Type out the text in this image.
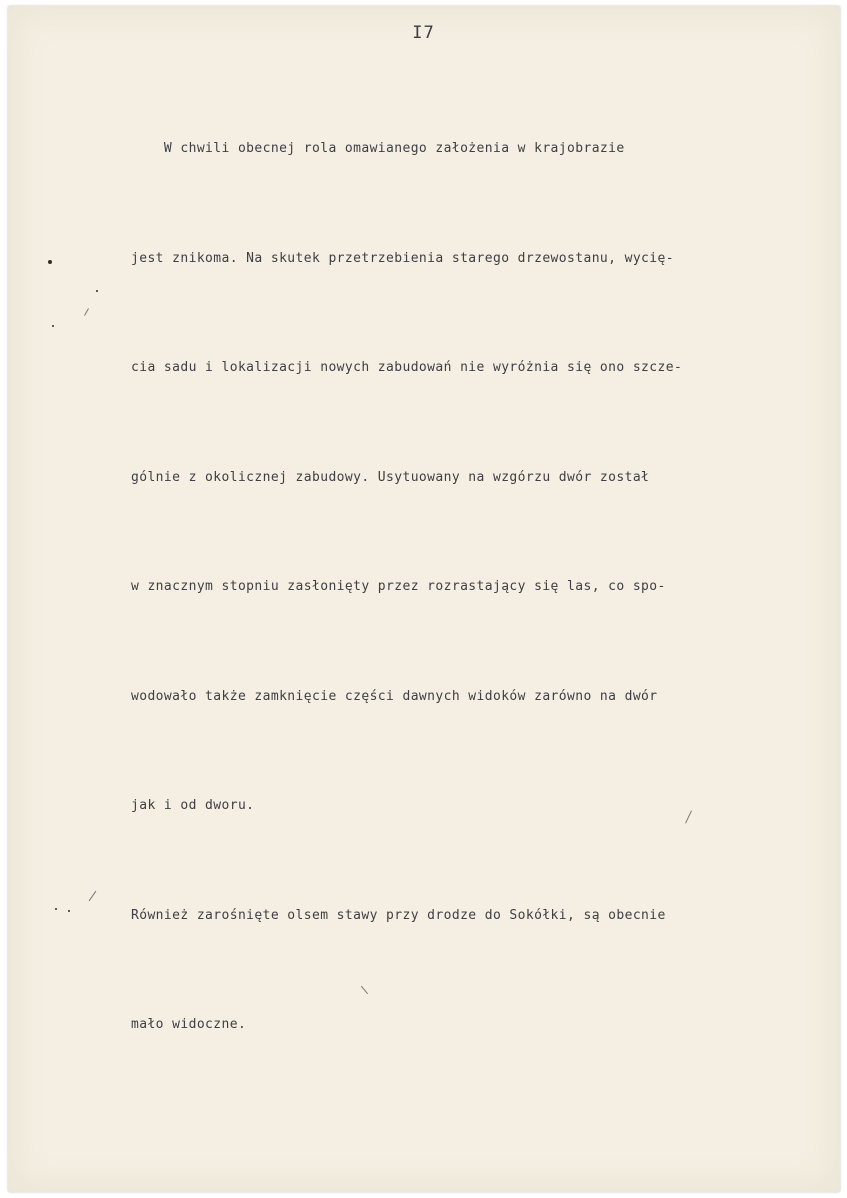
I7

W chwili obecnej rola omawianego założenia w krajobrazie

jest znikoma. Na skutek przetrzebienia starego drzewostanu, wycię-

cia sadu i lokalizacji nowych zabudowań nie wyróżnia się ono szcze-

gólnie z okolicznej zabudowy. Usytuowany na wzgórzu dwór został

w znacznym stopniu zasłonięty przez rozrastający się las, co spo-

wodowało także zamknięcie części dawnych widoków zarówno na dwór

jak i od dworu.

Również zarośnięte olsem stawy przy drodze do Sokółki, są obecnie

mało widoczne.
